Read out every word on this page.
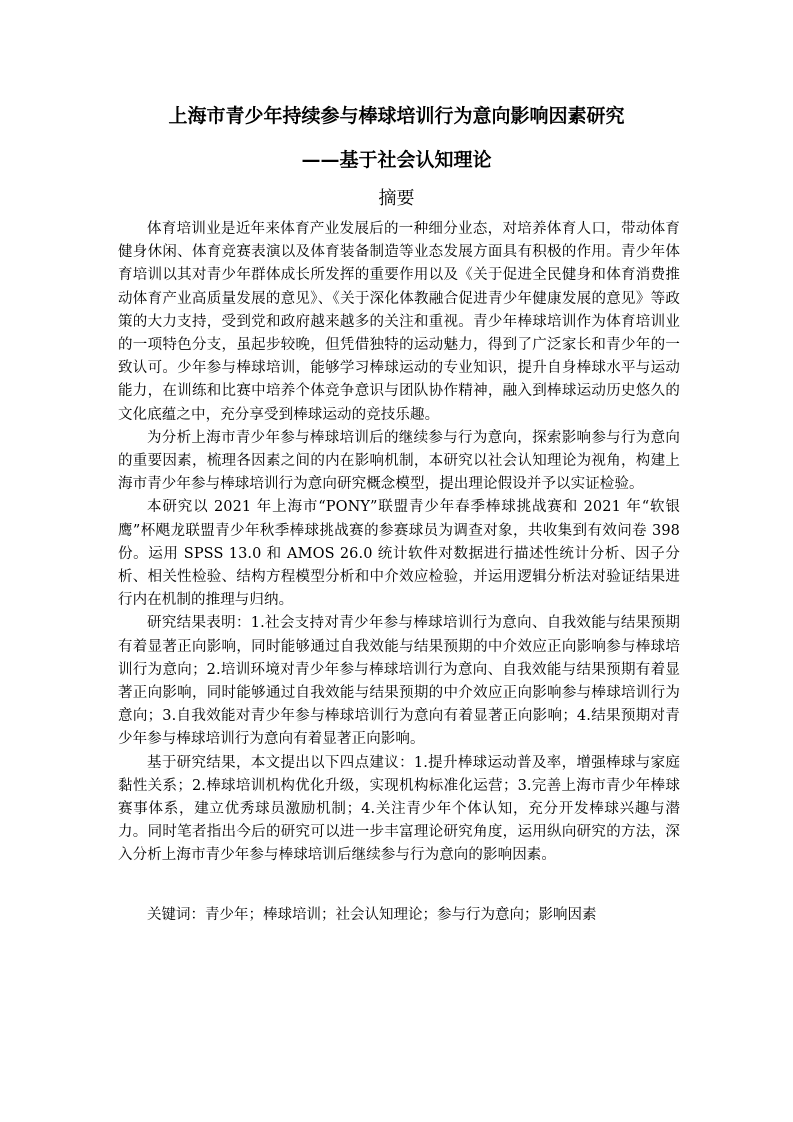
上海市青少年持续参与棒球培训行为意向影响因素研究
——基于社会认知理论
摘要

体育培训业是近年来体育产业发展后的一种细分业态，对培养体育人口，带动体育健身休闲、体育竞赛表演以及体育装备制造等业态发展方面具有积极的作用。青少年体育培训以其对青少年群体成长所发挥的重要作用以及《关于促进全民健身和体育消费推动体育产业高质量发展的意见》、《关于深化体教融合促进青少年健康发展的意见》等政策的大力支持，受到党和政府越来越多的关注和重视。青少年棒球培训作为体育培训业的一项特色分支，虽起步较晚，但凭借独特的运动魅力，得到了广泛家长和青少年的一致认可。少年参与棒球培训，能够学习棒球运动的专业知识，提升自身棒球水平与运动能力，在训练和比赛中培养个体竞争意识与团队协作精神，融入到棒球运动历史悠久的文化底蕴之中，充分享受到棒球运动的竞技乐趣。

为分析上海市青少年参与棒球培训后的继续参与行为意向，探索影响参与行为意向的重要因素，梳理各因素之间的内在影响机制，本研究以社会认知理论为视角，构建上海市青少年参与棒球培训行为意向研究概念模型，提出理论假设并予以实证检验。

本研究以 2021 年上海市“PONY”联盟青少年春季棒球挑战赛和 2021 年“软银鹰”杯飓龙联盟青少年秋季棒球挑战赛的参赛球员为调查对象，共收集到有效问卷 398 份。运用 SPSS 13.0 和 AMOS 26.0 统计软件对数据进行描述性统计分析、因子分析、相关性检验、结构方程模型分析和中介效应检验，并运用逻辑分析法对验证结果进行内在机制的推理与归纳。

研究结果表明：1.社会支持对青少年参与棒球培训行为意向、自我效能与结果预期有着显著正向影响，同时能够通过自我效能与结果预期的中介效应正向影响参与棒球培训行为意向；2.培训环境对青少年参与棒球培训行为意向、自我效能与结果预期有着显著正向影响，同时能够通过自我效能与结果预期的中介效应正向影响参与棒球培训行为意向；3.自我效能对青少年参与棒球培训行为意向有着显著正向影响；4.结果预期对青少年参与棒球培训行为意向有着显著正向影响。

基于研究结果，本文提出以下四点建议：1.提升棒球运动普及率，增强棒球与家庭黏性关系；2.棒球培训机构优化升级，实现机构标准化运营；3.完善上海市青少年棒球赛事体系，建立优秀球员激励机制；4.关注青少年个体认知，充分开发棒球兴趣与潜力。同时笔者指出今后的研究可以进一步丰富理论研究角度，运用纵向研究的方法，深入分析上海市青少年参与棒球培训后继续参与行为意向的影响因素。

关键词：青少年；棒球培训；社会认知理论；参与行为意向；影响因素
